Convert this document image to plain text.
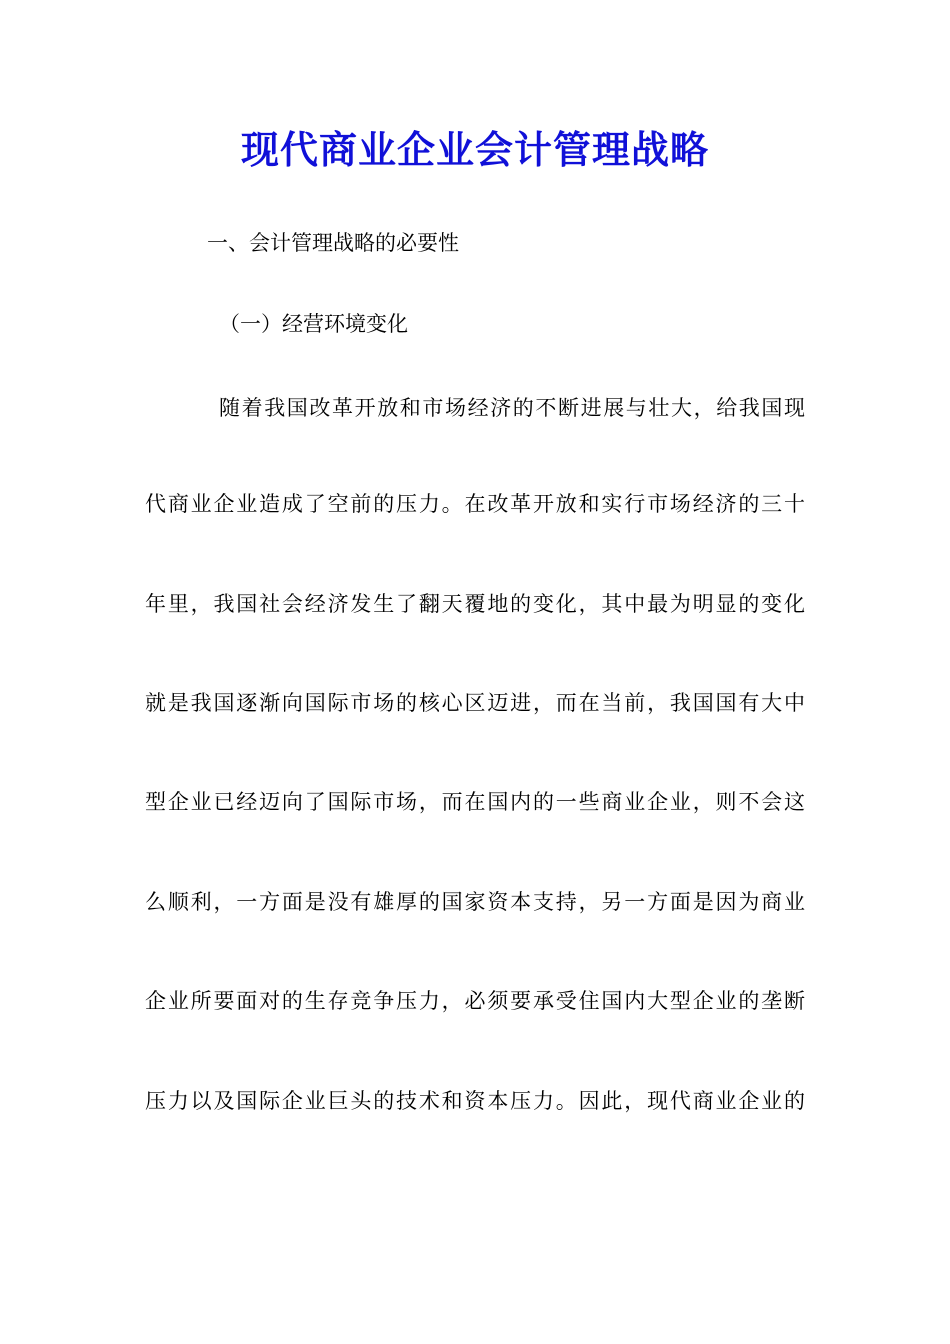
现代商业企业会计管理战略
一、会计管理战略的必要性
（一）经营环境变化
随着我国改革开放和市场经济的不断进展与壮大，给我国现
代商业企业造成了空前的压力。在改革开放和实行市场经济的三十
年里，我国社会经济发生了翻天覆地的变化，其中最为明显的变化
就是我国逐渐向国际市场的核心区迈进，而在当前，我国国有大中
型企业已经迈向了国际市场，而在国内的一些商业企业，则不会这
么顺利，一方面是没有雄厚的国家资本支持，另一方面是因为商业
企业所要面对的生存竞争压力，必须要承受住国内大型企业的垄断
压力以及国际企业巨头的技术和资本压力。因此，现代商业企业的
